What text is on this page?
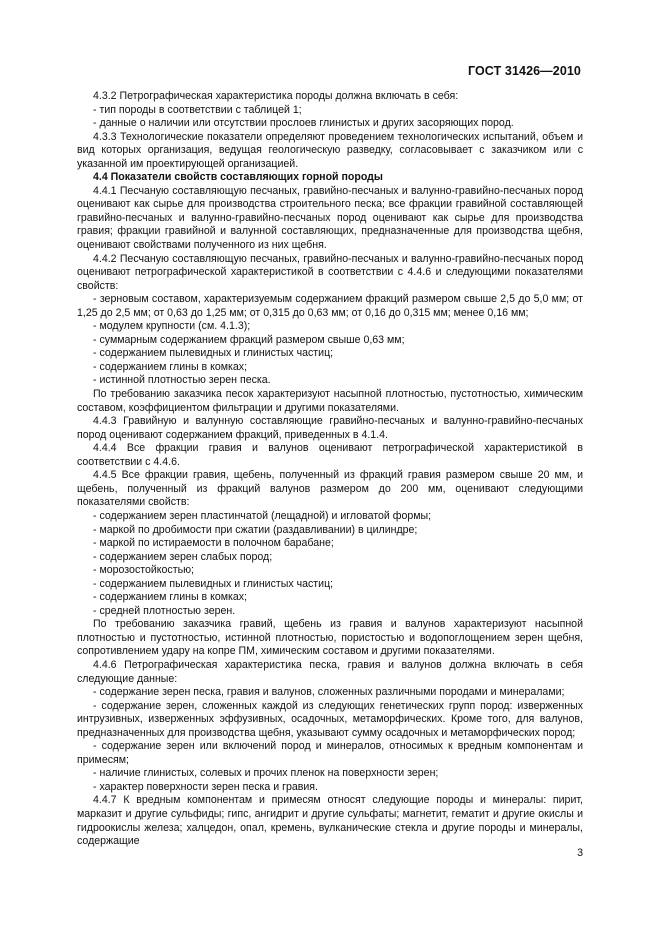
ГОСТ 31426—2010

4.3.2 Петрографическая характеристика породы должна включать в себя:

- тип породы в соответствии с таблицей 1;

- данные о наличии или отсутствии прослоев глинистых и других засоряющих пород.

4.3.3 Технологические показатели определяют проведением технологических испытаний, объем и вид которых организация, ведущая геологическую разведку, согласовывает с заказчиком или с указанной им проектирующей организацией.

4.4 Показатели свойств составляющих горной породы

4.4.1 Песчаную составляющую песчаных, гравийно-песчаных и валунно-гравийно-песчаных пород оценивают как сырье для производства строительного песка; все фракции гравийной составляющей гравийно-песчаных и валунно-гравийно-песчаных пород оценивают как сырье для производства гравия; фракции гравийной и валунной составляющих, предназначенные для производства щебня, оценивают свойствами полученного из них щебня.

4.4.2 Песчаную составляющую песчаных, гравийно-песчаных и валунно-гравийно-песчаных пород оценивают петрографической характеристикой в соответствии с 4.4.6 и следующими показателями свойств:

- зерновым составом, характеризуемым содержанием фракций размером свыше 2,5 до 5,0 мм; от 1,25 до 2,5 мм; от 0,63 до 1,25 мм; от 0,315 до 0,63 мм; от 0,16 до 0,315 мм; менее 0,16 мм;

- модулем крупности (см. 4.1.3);

- суммарным содержанием фракций размером свыше 0,63 мм;

- содержанием пылевидных и глинистых частиц;

- содержанием глины в комках;

- истинной плотностью зерен песка.

По требованию заказчика песок характеризуют насыпной плотностью, пустотностью, химическим составом, коэффициентом фильтрации и другими показателями.

4.4.3 Гравийную и валунную составляющие гравийно-песчаных и валунно-гравийно-песчаных пород оценивают содержанием фракций, приведенных в 4.1.4.

4.4.4 Все фракции гравия и валунов оценивают петрографической характеристикой в соответствии с 4.4.6.

4.4.5 Все фракции гравия, щебень, полученный из фракций гравия размером свыше 20 мм, и щебень, полученный из фракций валунов размером до 200 мм, оценивают следующими показателями свойств:

- содержанием зерен пластинчатой (лещадной) и игловатой формы;

- маркой по дробимости при сжатии (раздавливании) в цилиндре;

- маркой по истираемости в полочном барабане;

- содержанием зерен слабых пород;

- морозостойкостью;

- содержанием пылевидных и глинистых частиц;

- содержанием глины в комках;

- средней плотностью зерен.

По требованию заказчика гравий, щебень из гравия и валунов характеризуют насыпной плотностью и пустотностью, истинной плотностью, пористостью и водопоглощением зерен щебня, сопротивлением удару на копре ПМ, химическим составом и другими показателями.

4.4.6 Петрографическая характеристика песка, гравия и валунов должна включать в себя следующие данные:

- содержание зерен песка, гравия и валунов, сложенных различными породами и минералами;

- содержание зерен, сложенных каждой из следующих генетических групп пород: изверженных интрузивных, изверженных эффузивных, осадочных, метаморфических. Кроме того, для валунов, предназначенных для производства щебня, указывают сумму осадочных и метаморфических пород;

- содержание зерен или включений пород и минералов, относимых к вредным компонентам и примесям;

- наличие глинистых, солевых и прочих пленок на поверхности зерен;

- характер поверхности зерен песка и гравия.

4.4.7 К вредным компонентам и примесям относят следующие породы и минералы: пирит, марказит и другие сульфиды; гипс, ангидрит и другие сульфаты; магнетит, гематит и другие окислы и гидроокислы железа; халцедон, опал, кремень, вулканические стекла и другие породы и минералы, содержащие

3
